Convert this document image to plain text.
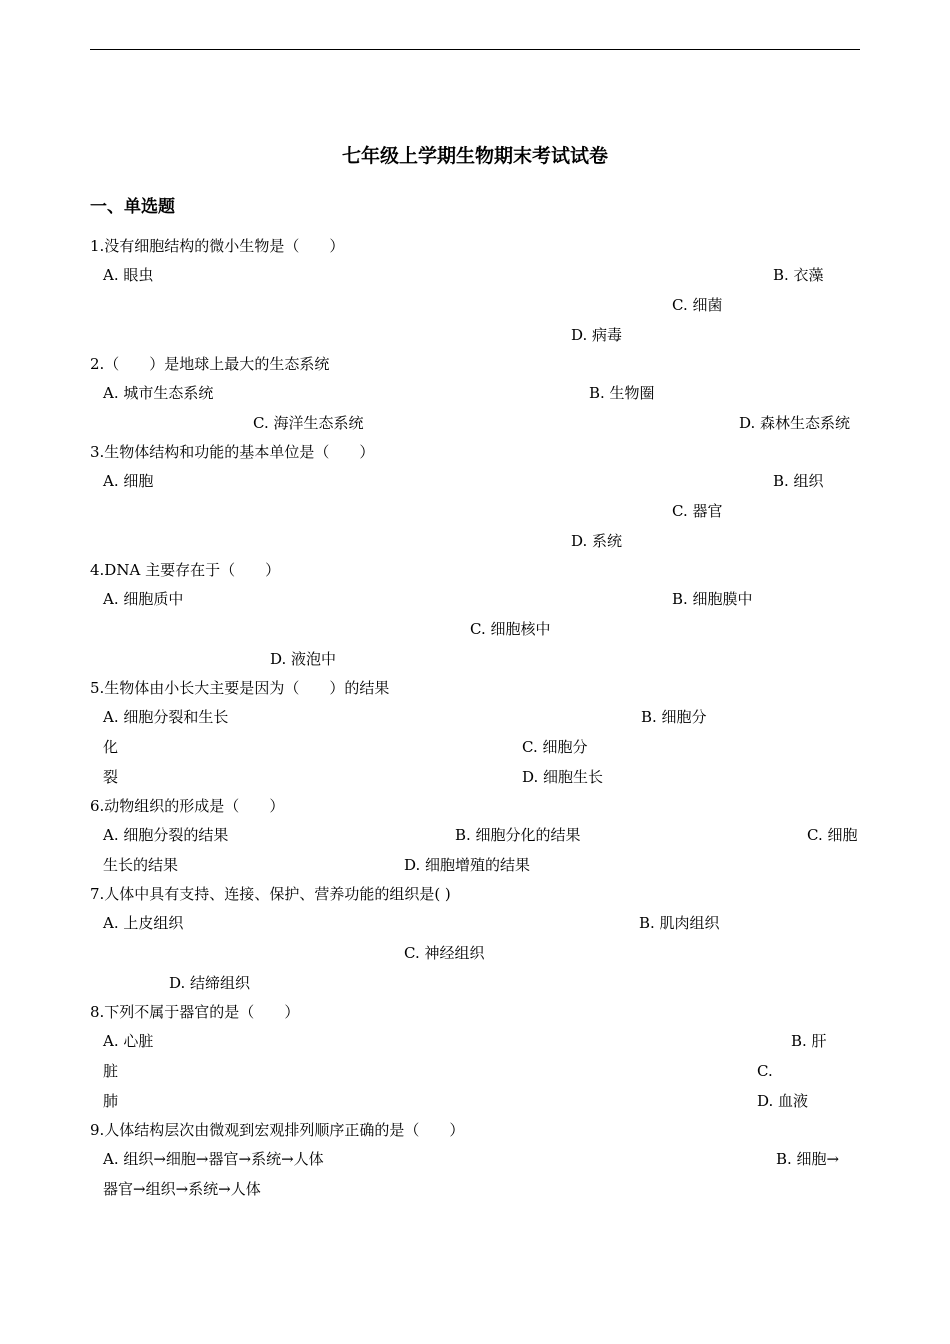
七年级上学期生物期末考试试卷
一、单选题
1.没有细胞结构的微小生物是（　　）
A. 眼虫	B. 衣藻
C. 细菌
D. 病毒
2.（　　）是地球上最大的生态系统
A. 城市生态系统	B. 生物圈
C. 海洋生态系统	D. 森林生态系统
3.生物体结构和功能的基本单位是（　　）
A. 细胞	B. 组织
C. 器官
D. 系统
4.DNA 主要存在于（　　）
A. 细胞质中	B. 细胞膜中
C. 细胞核中
D. 液泡中
5.生物体由小长大主要是因为（　　）的结果
A. 细胞分裂和生长	B. 细胞分
化	C. 细胞分
裂	D. 细胞生长
6.动物组织的形成是（　　）
A. 细胞分裂的结果	B. 细胞分化的结果	C. 细胞
生长的结果	D. 细胞增殖的结果
7.人体中具有支持、连接、保护、营养功能的组织是( )
A. 上皮组织	B. 肌肉组织
C. 神经组织
D. 结缔组织
8.下列不属于器官的是（　　）
A. 心脏	B. 肝
脏	C.
肺	D. 血液
9.人体结构层次由微观到宏观排列顺序正确的是（　　）
A. 组织→细胞→器官→系统→人体	B. 细胞→
器官→组织→系统→人体
